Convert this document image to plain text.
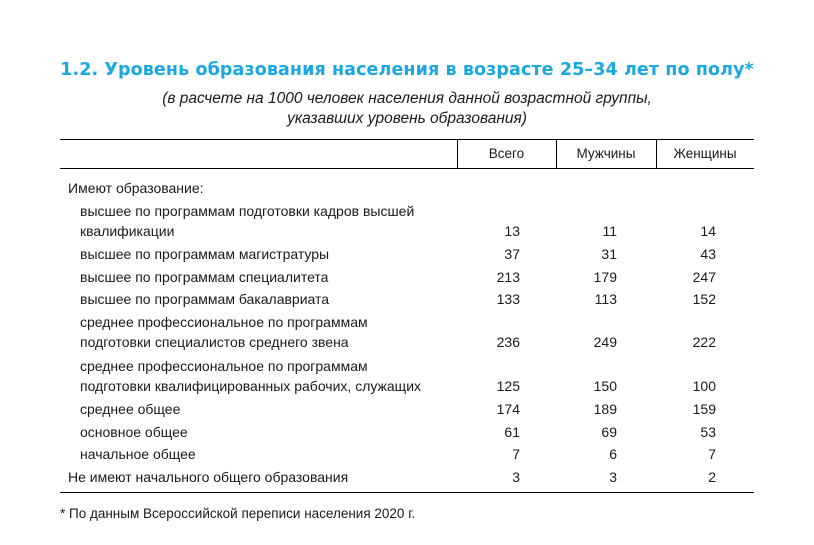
1.2. Уровень образования населения в возрасте 25–34 лет по полу*
(в расчете на 1000 человек населения данной возрастной группы,
указавших уровень образования)
Всего	Мужчины	Женщины
Имеют образование:
высшее по программам подготовки кадров высшей
квалификации	13	11	14
высшее по программам магистратуры	37	31	43
высшее по программам специалитета	213	179	247
высшее по программам бакалавриата	133	113	152
среднее профессиональное по программам
подготовки специалистов среднего звена	236	249	222
среднее профессиональное по программам
подготовки квалифицированных рабочих, служащих	125	150	100
среднее общее	174	189	159
основное общее	61	69	53
начальное общее	7	6	7
Не имеют начального общего образования	3	3	2
* По данным Всероссийской переписи населения 2020 г.
